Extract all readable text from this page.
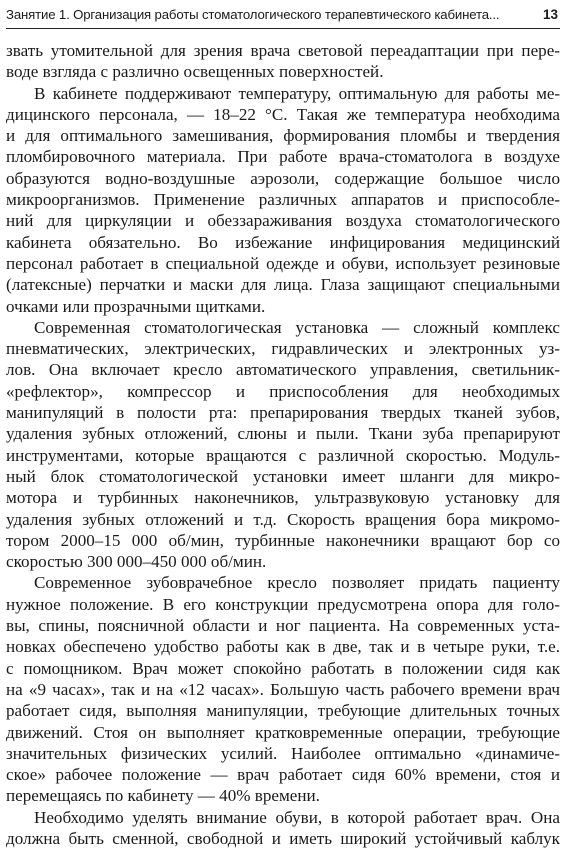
Занятие 1. Организация работы стоматологического терапевтического кабинета...	13

звать утомительной для зрения врача световой переадаптации при пере-
воде взгляда с различно освещенных поверхностей.

В кабинете поддерживают температуру, оптимальную для работы ме-
дицинского персонала, — 18–22 °С. Такая же температура необходима
и для оптимального замешивания, формирования пломбы и твердения
пломбировочного материала. При работе врача-стоматолога в воздухе
образуются водно-воздушные аэрозоли, содержащие большое число
микроорганизмов. Применение различных аппаратов и приспособле-
ний для циркуляции и обеззараживания воздуха стоматологического
кабинета обязательно. Во избежание инфицирования медицинский
персонал работает в специальной одежде и обуви, использует резиновые
(латексные) перчатки и маски для лица. Глаза защищают специальными
очками или прозрачными щитками.

Современная стоматологическая установка — сложный комплекс
пневматических, электрических, гидравлических и электронных уз-
лов. Она включает кресло автоматического управления, светильник-
«рефлектор», компрессор и приспособления для необходимых
манипуляций в полости рта: препарирования твердых тканей зубов,
удаления зубных отложений, слюны и пыли. Ткани зуба препарируют
инструментами, которые вращаются с различной скоростью. Модуль-
ный блок стоматологической установки имеет шланги для микро-
мотора и турбинных наконечников, ультразвуковую установку для
удаления зубных отложений и т.д. Скорость вращения бора микромо-
тором 2000–15 000 об/мин, турбинные наконечники вращают бор со
скоростью 300 000–450 000 об/мин.

Современное зубоврачебное кресло позволяет придать пациенту
нужное положение. В его конструкции предусмотрена опора для голо-
вы, спины, поясничной области и ног пациента. На современных уста-
новках обеспечено удобство работы как в две, так и в четыре руки, т.е.
с помощником. Врач может спокойно работать в положении сидя как
на «9 часах», так и на «12 часах». Большую часть рабочего времени врач
работает сидя, выполняя манипуляции, требующие длительных точных
движений. Стоя он выполняет кратковременные операции, требующие
значительных физических усилий. Наиболее оптимально «динамиче-
ское» рабочее положение — врач работает сидя 60% времени, стоя и
перемещаясь по кабинету — 40% времени.

Необходимо уделять внимание обуви, в которой работает врач. Она
должна быть сменной, свободной и иметь широкий устойчивый каблук
